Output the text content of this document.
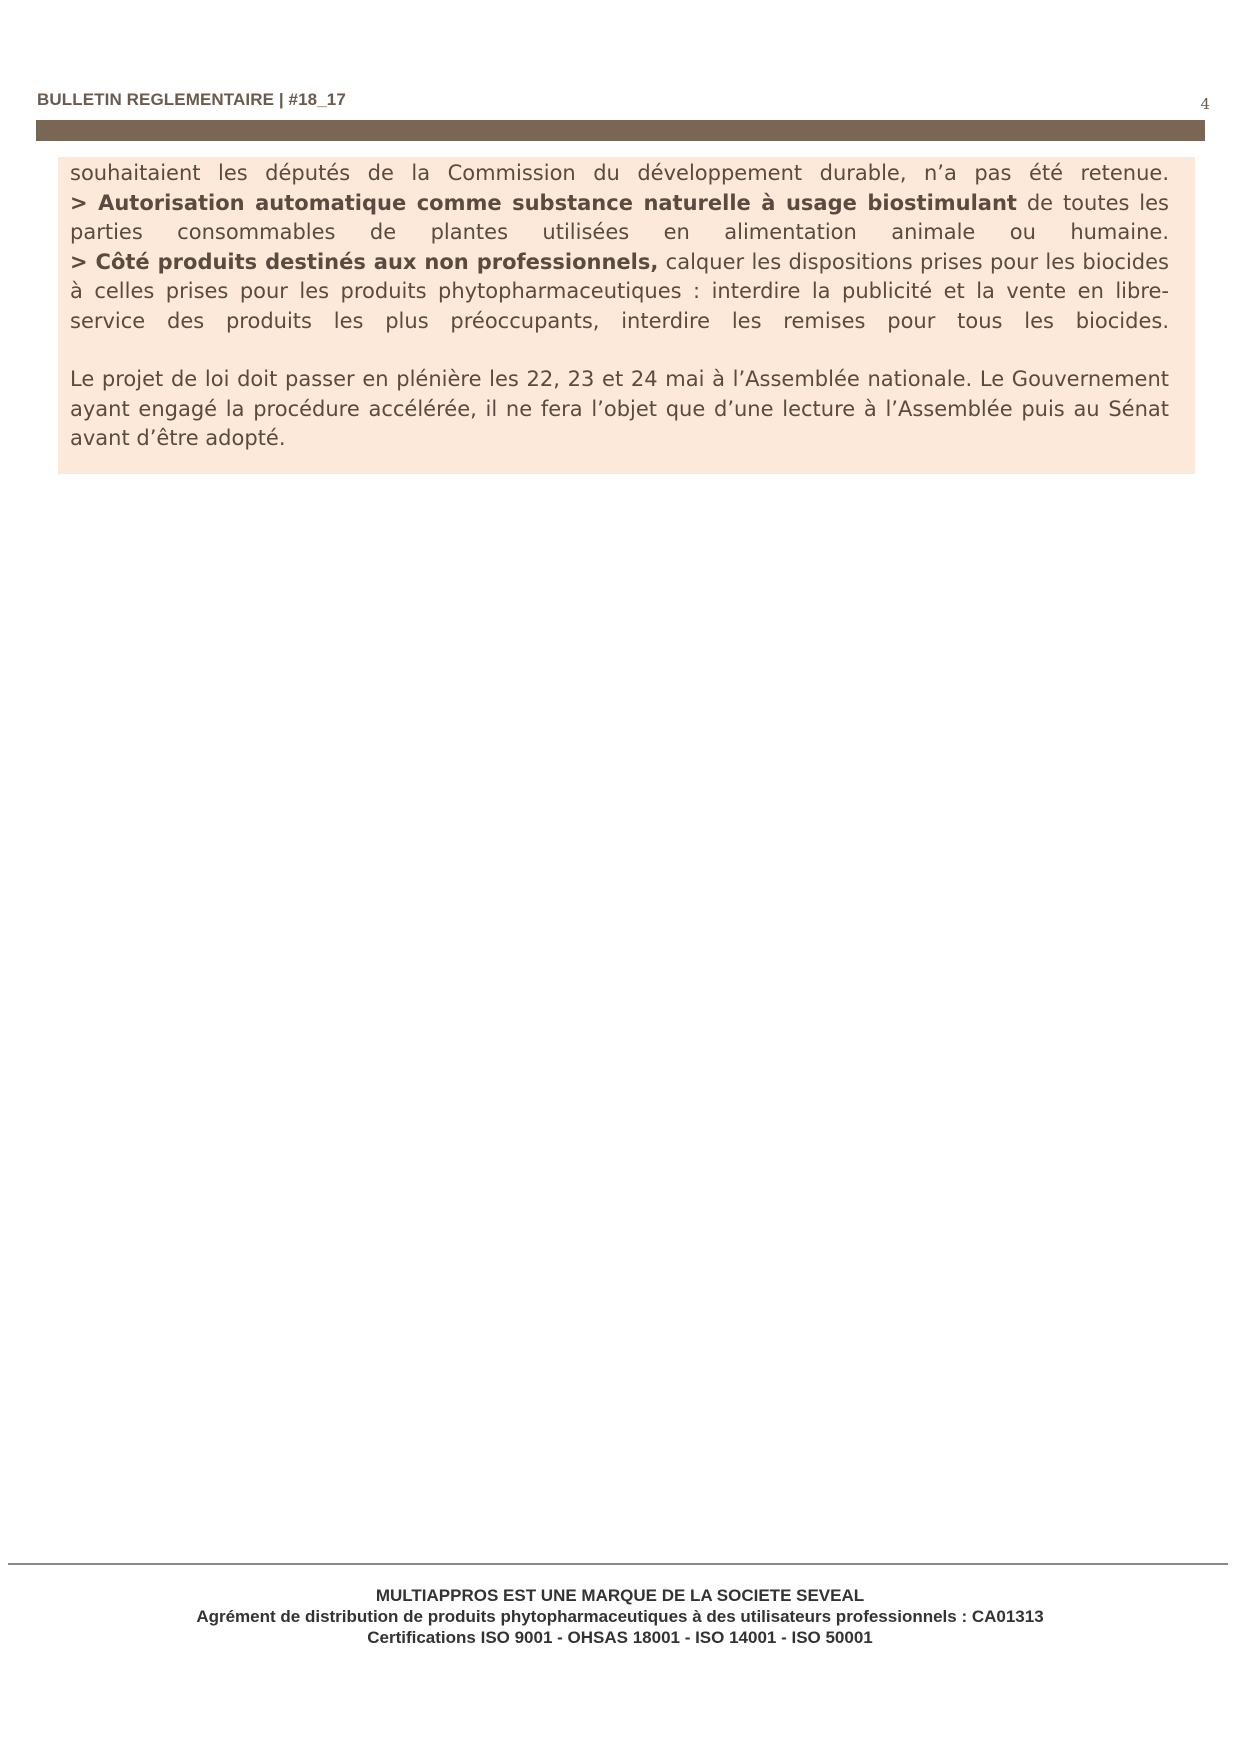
BULLETIN REGLEMENTAIRE | #18_17	4

souhaitaient les députés de la Commission du développement durable, n’a pas été retenue.

> Autorisation automatique comme substance naturelle à usage biostimulant de toutes les parties consommables de plantes utilisées en alimentation animale ou humaine.

> Côté produits destinés aux non professionnels, calquer les dispositions prises pour les biocides à celles prises pour les produits phytopharmaceutiques : interdire la publicité et la vente en libre-service des produits les plus préoccupants, interdire les remises pour tous les biocides.

Le projet de loi doit passer en plénière les 22, 23 et 24 mai à l’Assemblée nationale. Le Gouvernement ayant engagé la procédure accélérée, il ne fera l’objet que d’une lecture à l’Assemblée puis au Sénat avant d’être adopté.

MULTIAPPROS EST UNE MARQUE DE LA SOCIETE SEVEAL
Agrément de distribution de produits phytopharmaceutiques à des utilisateurs professionnels : CA01313
Certifications ISO 9001 - OHSAS 18001 - ISO 14001 - ISO 50001
